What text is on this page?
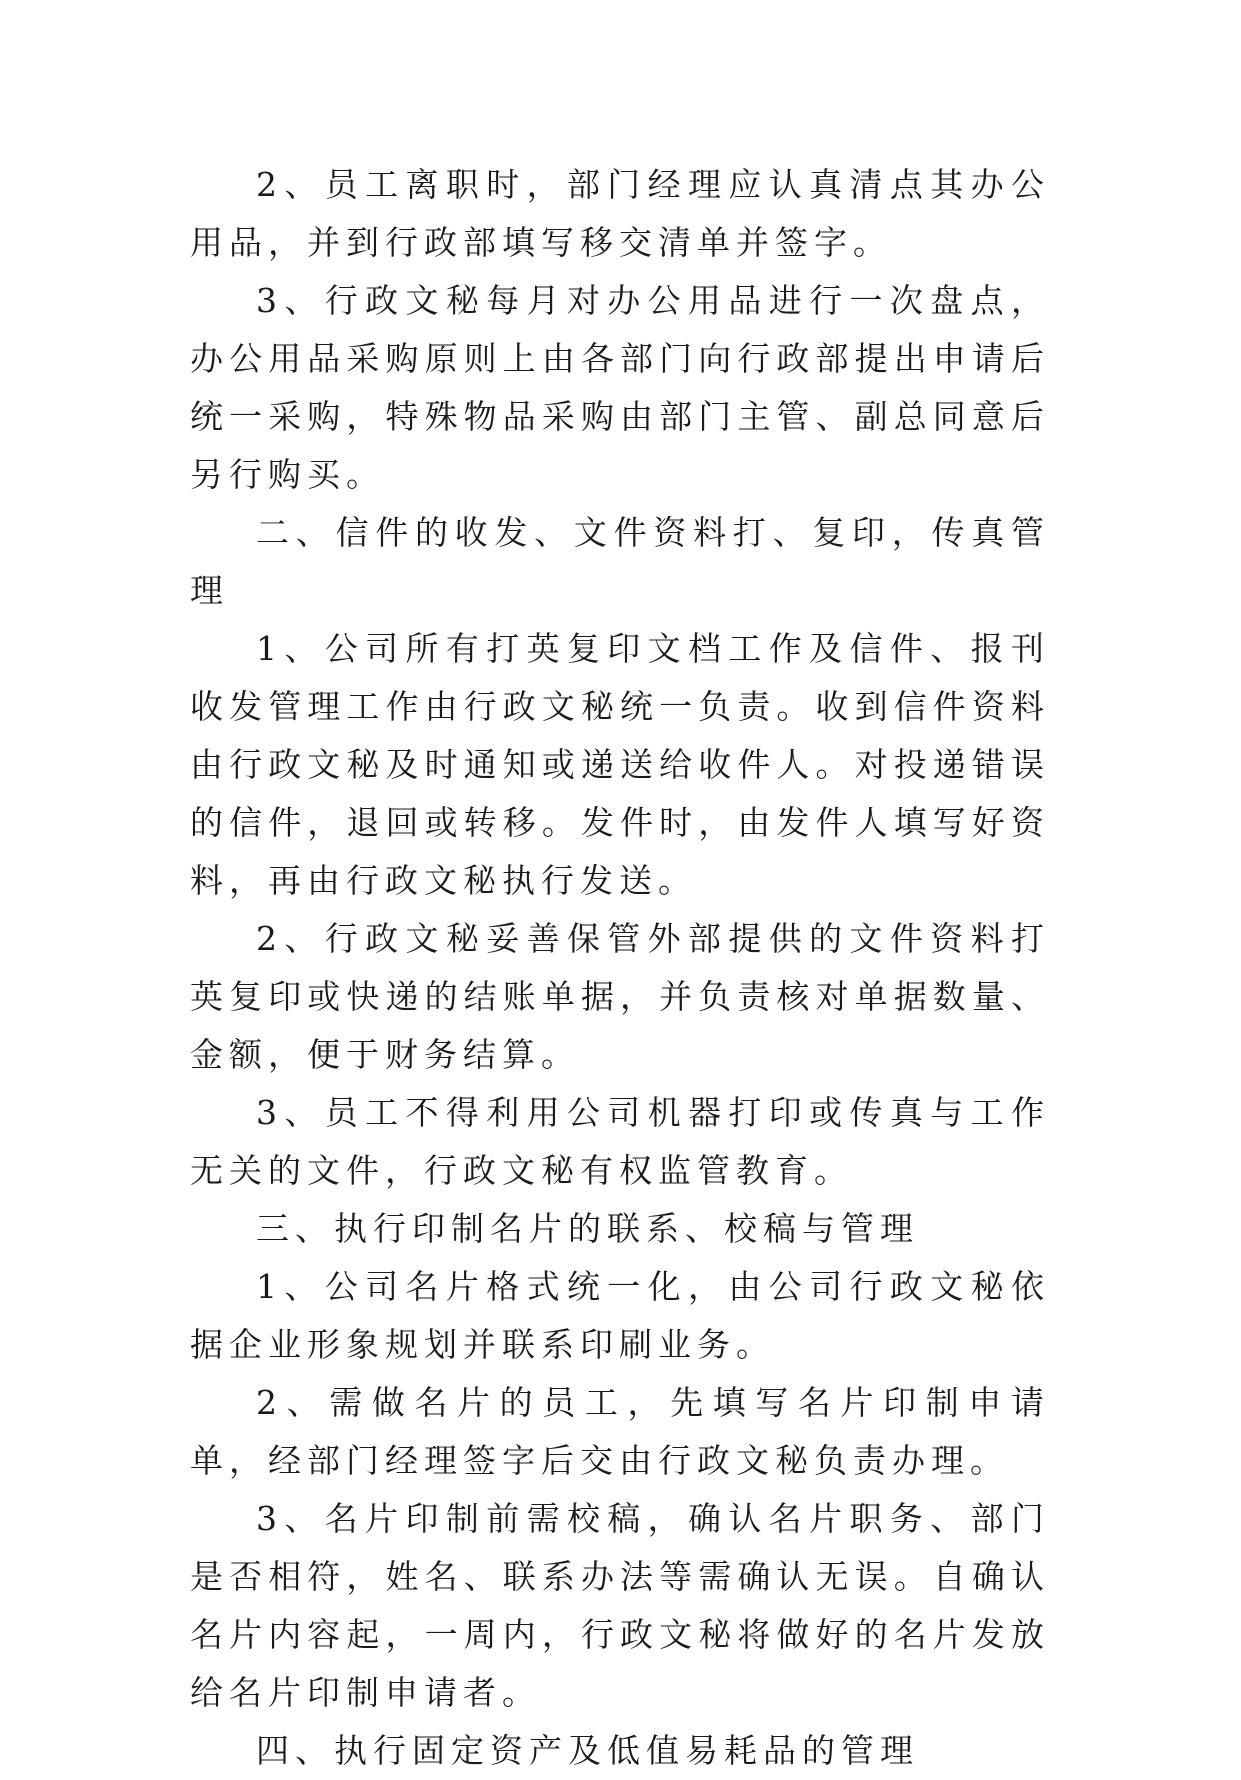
2、员工离职时，部门经理应认真清点其办公用品，并到行政部填写移交清单并签字。

3、行政文秘每月对办公用品进行一次盘点，办公用品采购原则上由各部门向行政部提出申请后统一采购，特殊物品采购由部门主管、副总同意后另行购买。

二、信件的收发、文件资料打、复印，传真管理

1、公司所有打英复印文档工作及信件、报刊收发管理工作由行政文秘统一负责。收到信件资料由行政文秘及时通知或递送给收件人。对投递错误的信件，退回或转移。发件时，由发件人填写好资料，再由行政文秘执行发送。

2、行政文秘妥善保管外部提供的文件资料打英复印或快递的结账单据，并负责核对单据数量、金额，便于财务结算。

3、员工不得利用公司机器打印或传真与工作无关的文件，行政文秘有权监管教育。

三、执行印制名片的联系、校稿与管理

1、公司名片格式统一化，由公司行政文秘依据企业形象规划并联系印刷业务。

2、需做名片的员工，先填写名片印制申请单，经部门经理签字后交由行政文秘负责办理。

3、名片印制前需校稿，确认名片职务、部门是否相符，姓名、联系办法等需确认无误。自确认名片内容起，一周内，行政文秘将做好的名片发放给名片印制申请者。

四、执行固定资产及低值易耗品的管理
